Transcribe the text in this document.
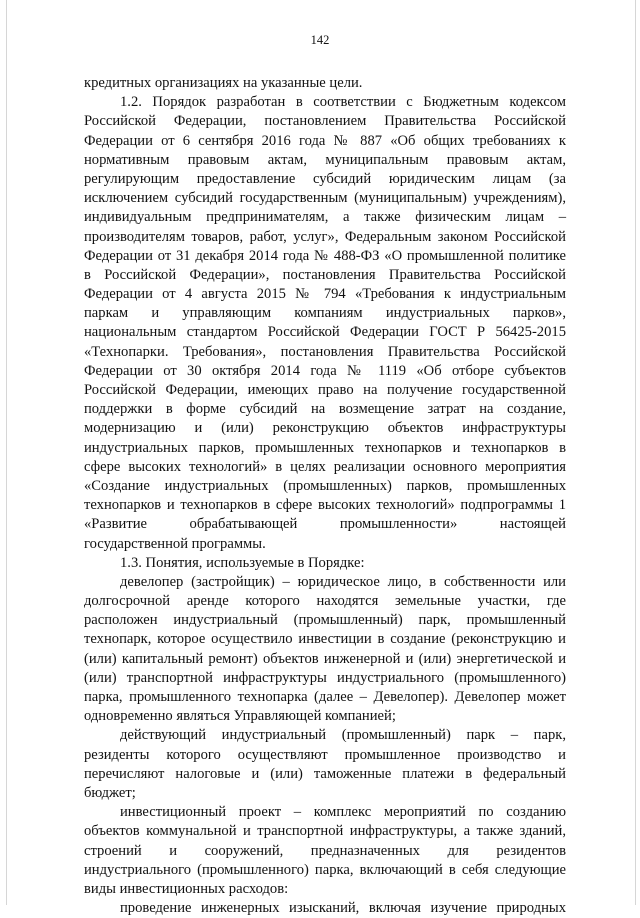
142
кредитных организациях на указанные цели.
1.2. Порядок разработан в соответствии с Бюджетным кодексом
Российской Федерации, постановлением Правительства Российской
Федерации от 6 сентября 2016 года № 887 «Об общих требованиях к
нормативным правовым актам, муниципальным правовым актам,
регулирующим предоставление субсидий юридическим лицам (за
исключением субсидий государственным (муниципальным) учреждениям),
индивидуальным предпринимателям, а также физическим лицам –
производителям товаров, работ, услуг», Федеральным законом Российской
Федерации от 31 декабря 2014 года № 488-ФЗ «О промышленной политике
в Российской Федерации», постановления Правительства Российской
Федерации от 4 августа 2015 № 794 «Требования к индустриальным
паркам и управляющим компаниям индустриальных парков»,
национальным стандартом Российской Федерации ГОСТ Р 56425-2015
«Технопарки. Требования», постановления Правительства Российской
Федерации от 30 октября 2014 года № 1119 «Об отборе субъектов
Российской Федерации, имеющих право на получение государственной
поддержки в форме субсидий на возмещение затрат на создание,
модернизацию и (или) реконструкцию объектов инфраструктуры
индустриальных парков, промышленных технопарков и технопарков в
сфере высоких технологий» в целях реализации основного мероприятия
«Создание индустриальных (промышленных) парков, промышленных
технопарков и технопарков в сфере высоких технологий» подпрограммы 1
«Развитие обрабатывающей промышленности» настоящей
государственной программы.
1.3. Понятия, используемые в Порядке:
девелопер (застройщик) – юридическое лицо, в собственности или
долгосрочной аренде которого находятся земельные участки, где
расположен индустриальный (промышленный) парк, промышленный
технопарк, которое осуществило инвестиции в создание (реконструкцию и
(или) капитальный ремонт) объектов инженерной и (или) энергетической и
(или) транспортной инфраструктуры индустриального (промышленного)
парка, промышленного технопарка (далее – Девелопер). Девелопер может
одновременно являться Управляющей компанией;
действующий индустриальный (промышленный) парк – парк,
резиденты которого осуществляют промышленное производство и
перечисляют налоговые и (или) таможенные платежи в федеральный
бюджет;
инвестиционный проект – комплекс мероприятий по созданию
объектов коммунальной и транспортной инфраструктуры, а также зданий,
строений и сооружений, предназначенных для резидентов
индустриального (промышленного) парка, включающий в себя следующие
виды инвестиционных расходов:
проведение инженерных изысканий, включая изучение природных
